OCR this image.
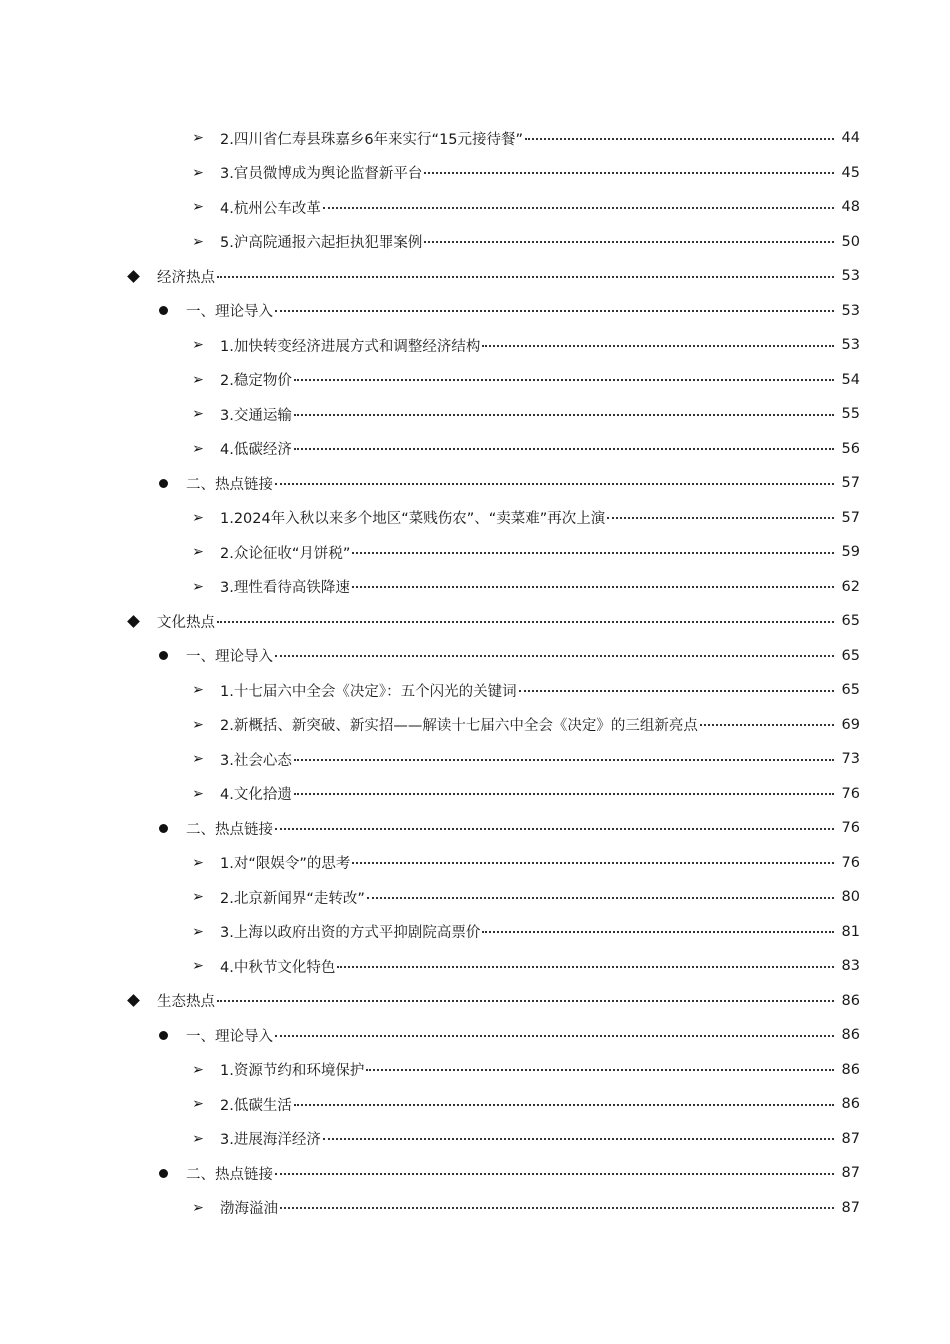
➢ 2.四川省仁寿县珠嘉乡6年来实行“15元接待餐”	44
➢ 3.官员微博成为舆论监督新平台	45
➢ 4.杭州公车改革	48
➢ 5.沪高院通报六起拒执犯罪案例	50
经济热点	53
一、理论导入	53
➢ 1.加快转变经济进展方式和调整经济结构	53
➢ 2.稳定物价	54
➢ 3.交通运输	55
➢ 4.低碳经济	56
二、热点链接	57
➢ 1.2024年入秋以来多个地区“菜贱伤农”、“卖菜难”再次上演	57
➢ 2.众论征收“月饼税”	59
➢ 3.理性看待高铁降速	62
文化热点	65
一、理论导入	65
➢ 1.十七届六中全会《决定》：五个闪光的关键词	65
➢ 2.新概括、新突破、新实招——解读十七届六中全会《决定》的三组新亮点	69
➢ 3.社会心态	73
➢ 4.文化拾遗	76
二、热点链接	76
➢ 1.对“限娱令”的思考	76
➢ 2.北京新闻界“走转改”	80
➢ 3.上海以政府出资的方式平抑剧院高票价	81
➢ 4.中秋节文化特色	83
生态热点	86
一、理论导入	86
➢ 1.资源节约和环境保护	86
➢ 2.低碳生活	86
➢ 3.进展海洋经济	87
二、热点链接	87
➢ 渤海溢油	87
